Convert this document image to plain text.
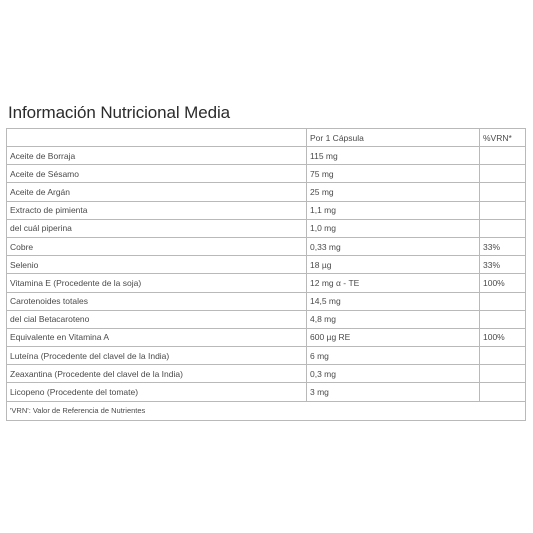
Información Nutricional Media
	Por 1 Cápsula	%VRN*
Aceite de Borraja	115 mg	
Aceite de Sésamo	75 mg	
Aceite de Argán	25 mg	
Extracto de pimienta	1,1 mg	
del cuál piperina	1,0 mg	
Cobre	0,33 mg	33%
Selenio	18 µg	33%
Vitamina E (Procedente de la soja)	12 mg α - TE	100%
Carotenoides totales	14,5 mg	
del cial Betacaroteno	4,8 mg	
Equivalente en Vitamina A	600 µg RE	100%
Luteína (Procedente del clavel de la India)	6 mg	
Zeaxantina (Procedente del clavel de la India)	0,3 mg	
Licopeno (Procedente del tomate)	3 mg	
'VRN': Valor de Referencia de Nutrientes		
